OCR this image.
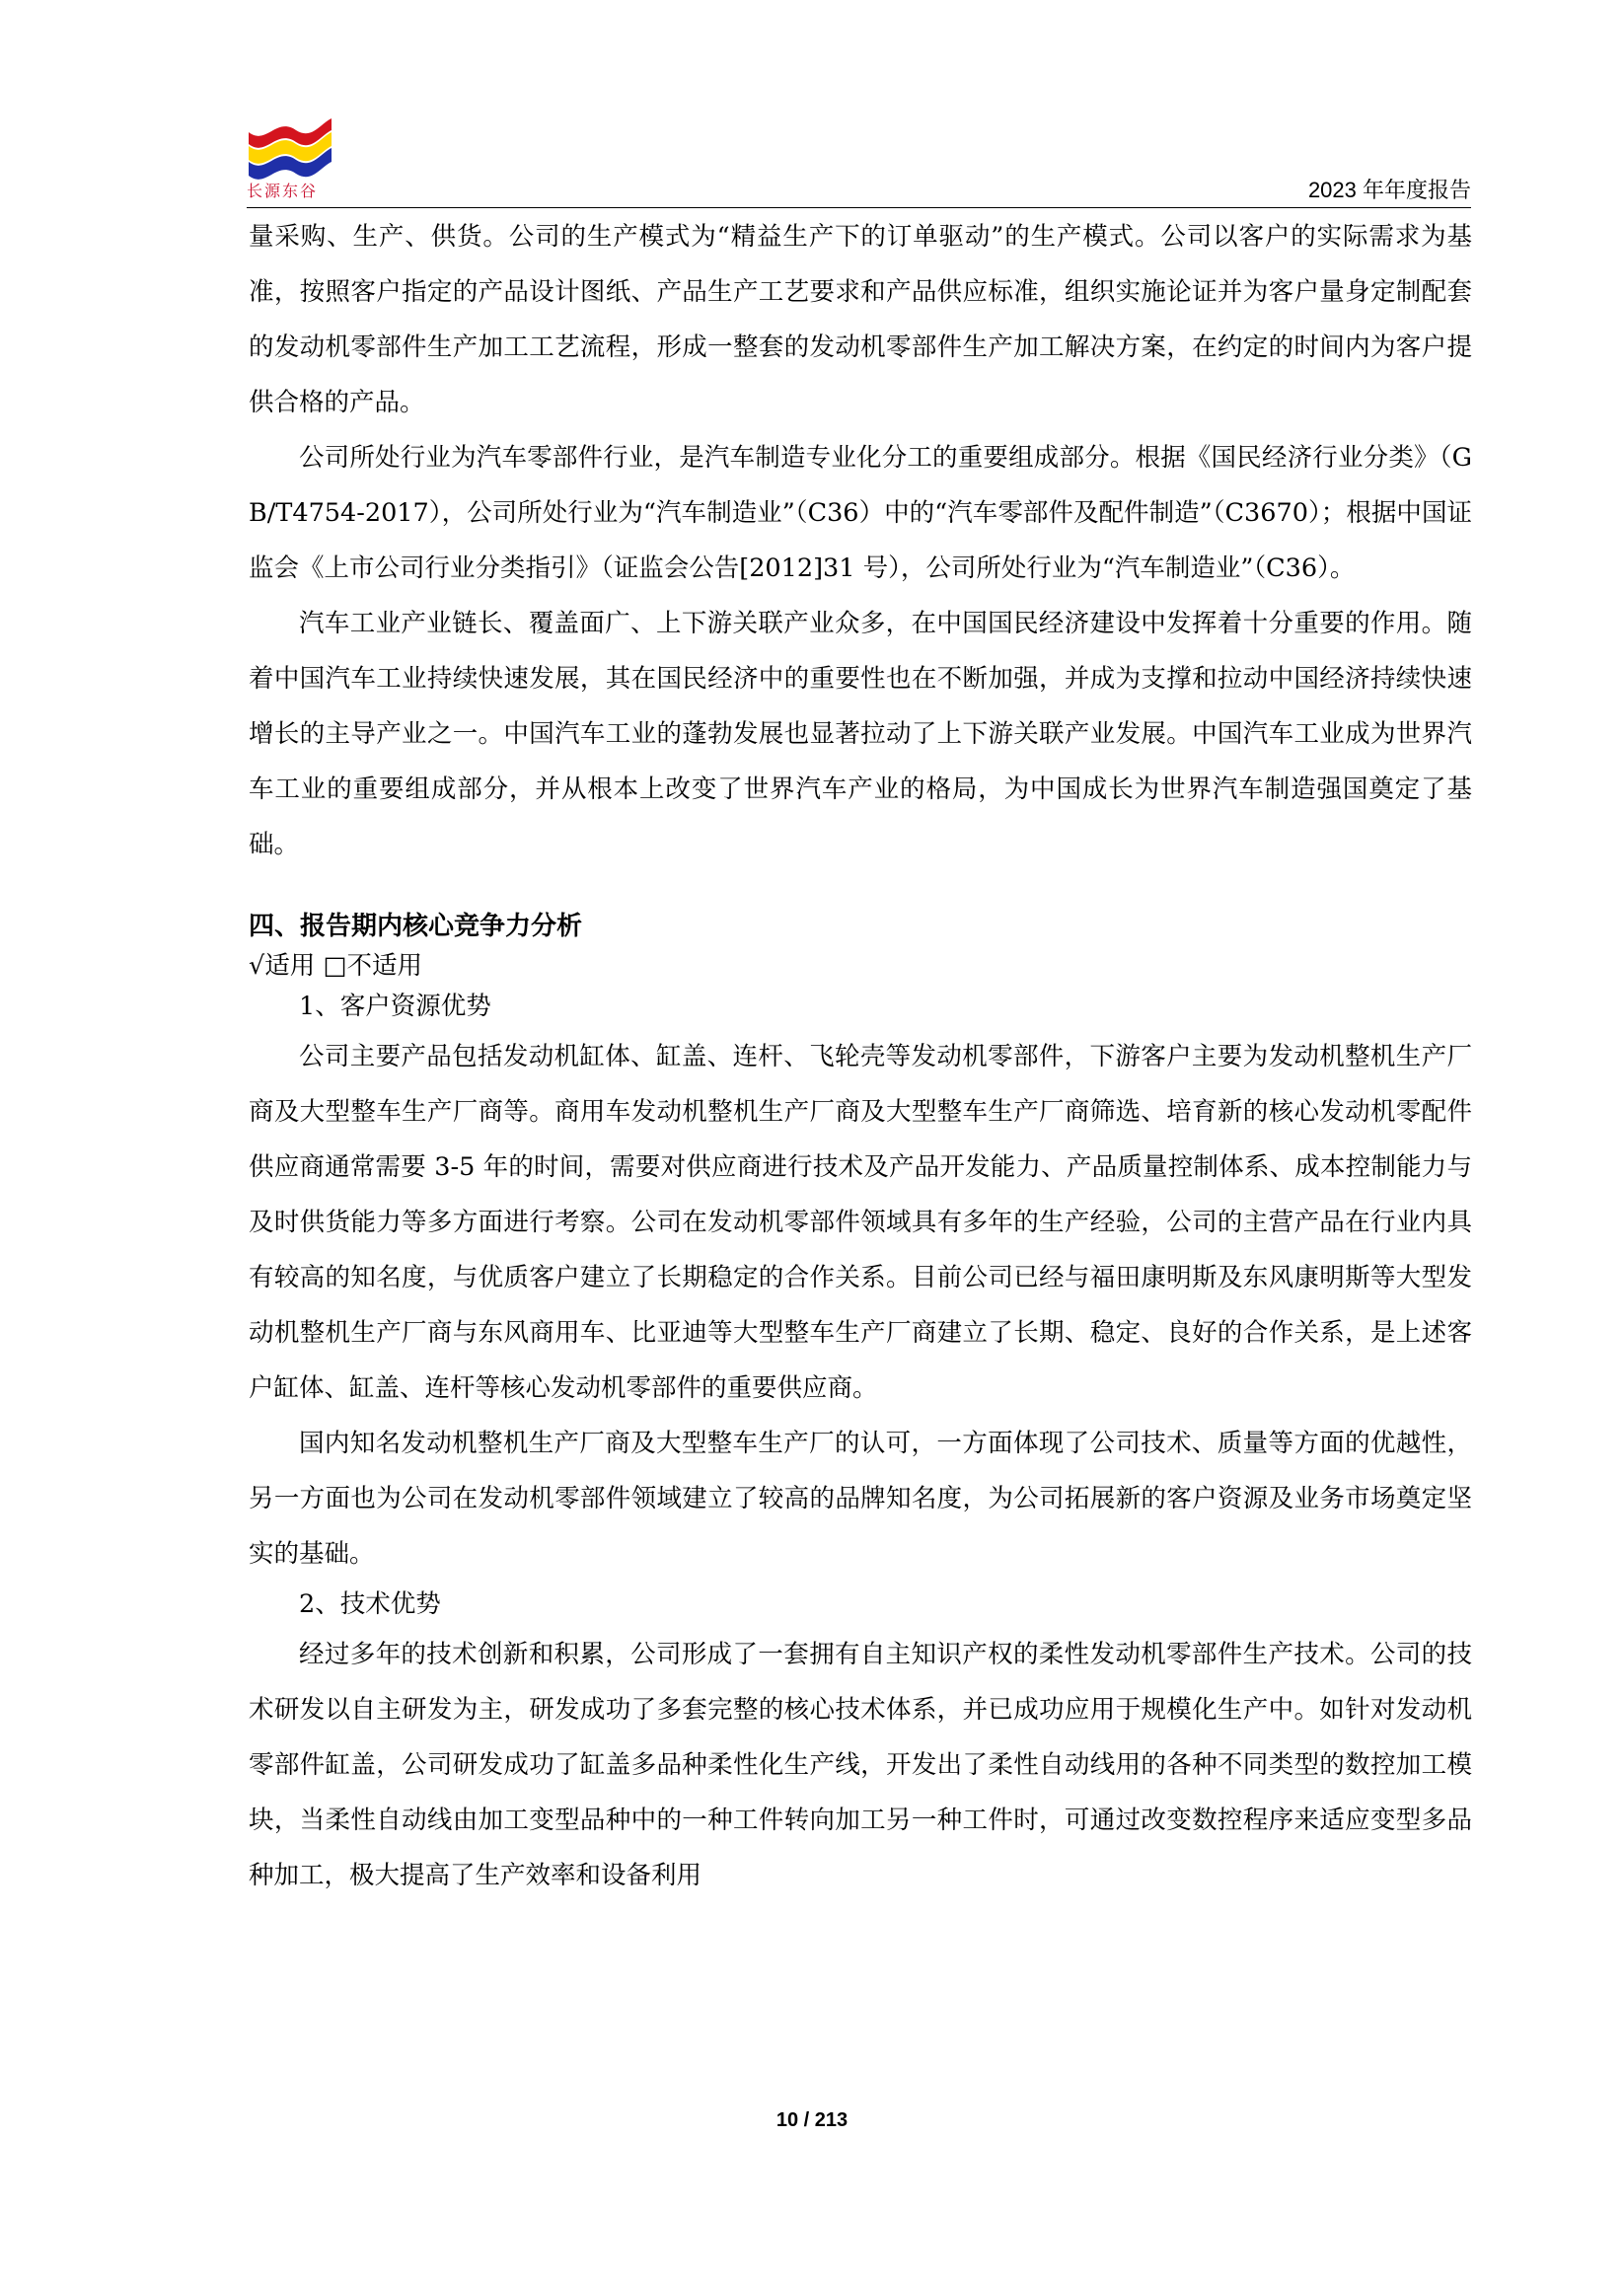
长源东谷	2023 年年度报告

量采购、生产、供货。公司的生产模式为“精益生产下的订单驱动”的生产模式。公司以客户的实际需求为基准，按照客户指定的产品设计图纸、产品生产工艺要求和产品供应标准，组织实施论证并为客户量身定制配套的发动机零部件生产加工工艺流程，形成一整套的发动机零部件生产加工解决方案，在约定的时间内为客户提供合格的产品。

公司所处行业为汽车零部件行业，是汽车制造专业化分工的重要组成部分。根据《国民经济行业分类》（GB/T4754-2017），公司所处行业为“汽车制造业”（C36）中的“汽车零部件及配件制造”（C3670）；根据中国证监会《上市公司行业分类指引》（证监会公告[2012]31 号），公司所处行业为“汽车制造业”（C36）。

汽车工业产业链长、覆盖面广、上下游关联产业众多，在中国国民经济建设中发挥着十分重要的作用。随着中国汽车工业持续快速发展，其在国民经济中的重要性也在不断加强，并成为支撑和拉动中国经济持续快速增长的主导产业之一。中国汽车工业的蓬勃发展也显著拉动了上下游关联产业发展。中国汽车工业成为世界汽车工业的重要组成部分，并从根本上改变了世界汽车产业的格局，为中国成长为世界汽车制造强国奠定了基础。

四、报告期内核心竞争力分析
√适用 □不适用
1、客户资源优势

公司主要产品包括发动机缸体、缸盖、连杆、飞轮壳等发动机零部件，下游客户主要为发动机整机生产厂商及大型整车生产厂商等。商用车发动机整机生产厂商及大型整车生产厂商筛选、培育新的核心发动机零配件供应商通常需要 3-5 年的时间，需要对供应商进行技术及产品开发能力、产品质量控制体系、成本控制能力与及时供货能力等多方面进行考察。公司在发动机零部件领域具有多年的生产经验，公司的主营产品在行业内具有较高的知名度，与优质客户建立了长期稳定的合作关系。目前公司已经与福田康明斯及东风康明斯等大型发动机整机生产厂商与东风商用车、比亚迪等大型整车生产厂商建立了长期、稳定、良好的合作关系，是上述客户缸体、缸盖、连杆等核心发动机零部件的重要供应商。

国内知名发动机整机生产厂商及大型整车生产厂的认可，一方面体现了公司技术、质量等方面的优越性，另一方面也为公司在发动机零部件领域建立了较高的品牌知名度，为公司拓展新的客户资源及业务市场奠定坚实的基础。

2、技术优势

经过多年的技术创新和积累，公司形成了一套拥有自主知识产权的柔性发动机零部件生产技术。公司的技术研发以自主研发为主，研发成功了多套完整的核心技术体系，并已成功应用于规模化生产中。如针对发动机零部件缸盖，公司研发成功了缸盖多品种柔性化生产线，开发出了柔性自动线用的各种不同类型的数控加工模块，当柔性自动线由加工变型品种中的一种工件转向加工另一种工件时，可通过改变数控程序来适应变型多品种加工，极大提高了生产效率和设备利用

10 / 213
